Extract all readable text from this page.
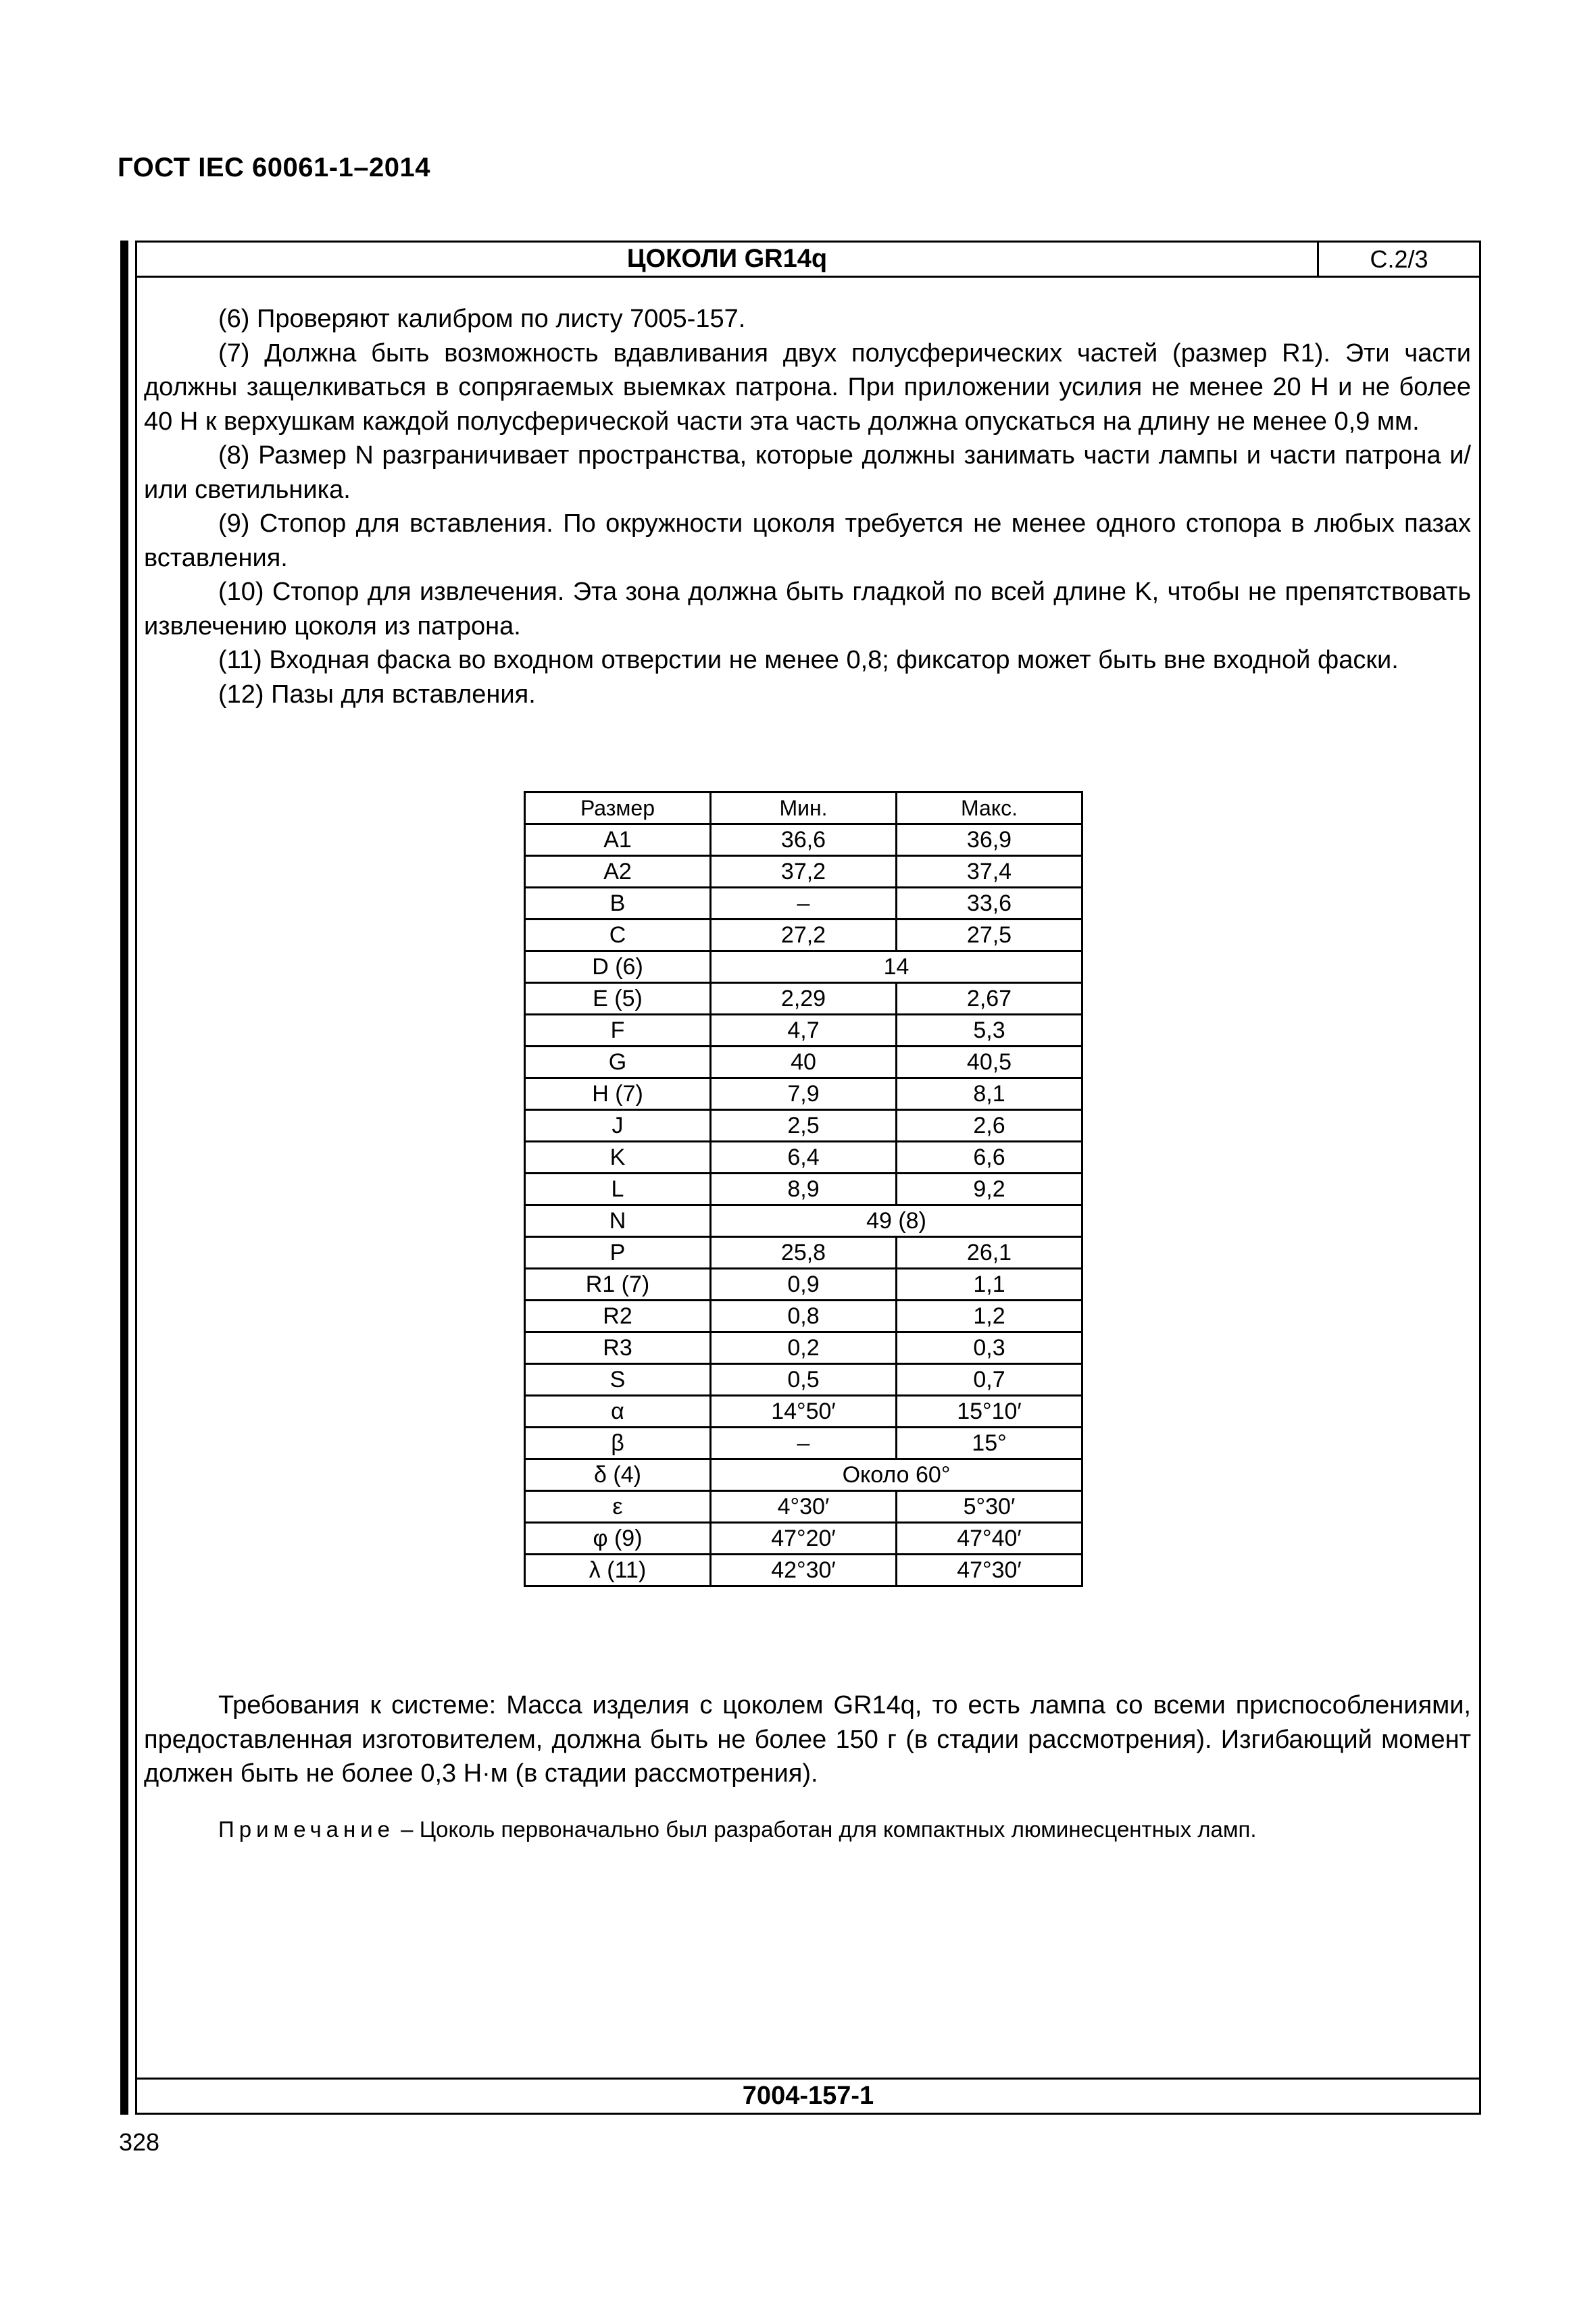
ГОСТ IEC 60061-1–2014
ЦОКОЛИ GR14q	С.2/3

(6) Проверяют калибром по листу 7005-157.

(7) Должна быть возможность вдавливания двух полусферических частей (размер R1). Эти части должны защелкиваться в сопрягаемых выемках патрона. При приложении усилия не менее 20 Н и не более 40 Н к верхушкам каждой полусферической части эта часть должна опускаться на длину не менее 0,9 мм.

(8) Размер N разграничивает пространства, которые должны занимать части лампы и части патрона и/или светильника.

(9) Стопор для вставления. По окружности цоколя требуется не менее одного стопора в любых пазах вставления.

(10) Стопор для извлечения. Эта зона должна быть гладкой по всей длине K, чтобы не препятствовать извлечению цоколя из патрона.

(11) Входная фаска во входном отверстии не менее 0,8; фиксатор может быть вне входной фаски.

(12) Пазы для вставления.

Размер	Мин.	Макс.
A1	36,6	36,9
A2	37,2	37,4
B	–	33,6
C	27,2	27,5
D (6)	14	
E (5)	2,29	2,67
F	4,7	5,3
G	40	40,5
H (7)	7,9	8,1
J	2,5	2,6
K	6,4	6,6
L	8,9	9,2
N	49 (8)	
P	25,8	26,1
R1 (7)	0,9	1,1
R2	0,8	1,2
R3	0,2	0,3
S	0,5	0,7
α	14°50′	15°10′
β	–	15°
δ (4)	Около 60°	
ε	4°30′	5°30′
φ (9)	47°20′	47°40′
λ (11)	42°30′	47°30′

Требования к системе: Масса изделия с цоколем GR14q, то есть лампа со всеми приспособлениями, предоставленная изготовителем, должна быть не более 150 г (в стадии рассмотрения). Изгибающий момент должен быть не более 0,3 Н·м (в стадии рассмотрения).

Примечание – Цоколь первоначально был разработан для компактных люминесцентных ламп.
7004-157-1
328
